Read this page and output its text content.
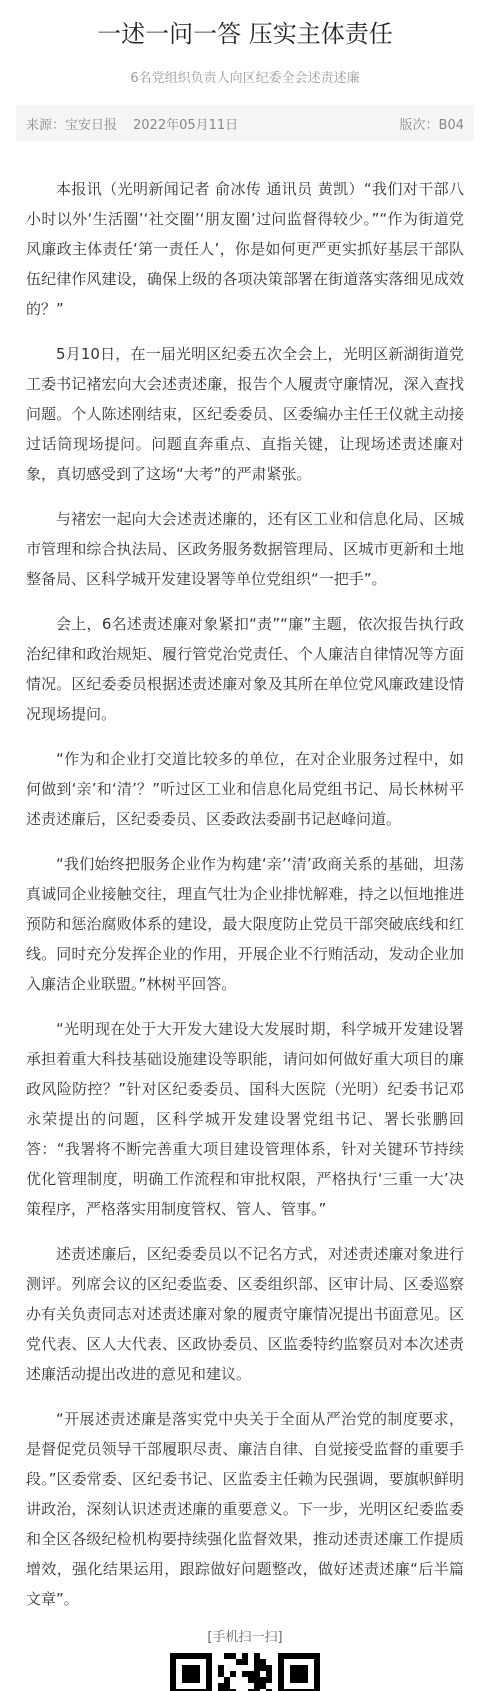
一述一问一答 压实主体责任
6名党组织负责人向区纪委全会述责述廉
来源：宝安日报 2022年05月11日	版次：B04

本报讯（光明新闻记者 俞冰传 通讯员 黄凯）“我们对干部八小时以外‘生活圈’‘社交圈’‘朋友圈’过问监督得较少。”“作为街道党风廉政主体责任‘第一责任人’，你是如何更严更实抓好基层干部队伍纪律作风建设，确保上级的各项决策部署在街道落实落细见成效的？”

5月10日，在一届光明区纪委五次全会上，光明区新湖街道党工委书记褚宏向大会述责述廉，报告个人履责守廉情况，深入查找问题。个人陈述刚结束，区纪委委员、区委编办主任王仪就主动接过话筒现场提问。问题直奔重点、直指关键，让现场述责述廉对象，真切感受到了这场“大考”的严肃紧张。

与褚宏一起向大会述责述廉的，还有区工业和信息化局、区城市管理和综合执法局、区政务服务数据管理局、区城市更新和土地整备局、区科学城开发建设署等单位党组织“一把手”。

会上，6名述责述廉对象紧扣“责”“廉”主题，依次报告执行政治纪律和政治规矩、履行管党治党责任、个人廉洁自律情况等方面情况。区纪委委员根据述责述廉对象及其所在单位党风廉政建设情况现场提问。

“作为和企业打交道比较多的单位，在对企业服务过程中，如何做到‘亲’和‘清’？”听过区工业和信息化局党组书记、局长林树平述责述廉后，区纪委委员、区委政法委副书记赵峰问道。

“我们始终把服务企业作为构建‘亲’‘清’政商关系的基础，坦荡真诚同企业接触交往，理直气壮为企业排忧解难，持之以恒地推进预防和惩治腐败体系的建设，最大限度防止党员干部突破底线和红线。同时充分发挥企业的作用，开展企业不行贿活动，发动企业加入廉洁企业联盟。”林树平回答。

“光明现在处于大开发大建设大发展时期，科学城开发建设署承担着重大科技基础设施建设等职能，请问如何做好重大项目的廉政风险防控？”针对区纪委委员、国科大医院（光明）纪委书记邓永荣提出的问题，区科学城开发建设署党组书记、署长张鹏回答：“我署将不断完善重大项目建设管理体系，针对关键环节持续优化管理制度，明确工作流程和审批权限，严格执行‘三重一大’决策程序，严格落实用制度管权、管人、管事。”

述责述廉后，区纪委委员以不记名方式，对述责述廉对象进行测评。列席会议的区纪委监委、区委组织部、区审计局、区委巡察办有关负责同志对述责述廉对象的履责守廉情况提出书面意见。区党代表、区人大代表、区政协委员、区监委特约监察员对本次述责述廉活动提出改进的意见和建议。

“开展述责述廉是落实党中央关于全面从严治党的制度要求，是督促党员领导干部履职尽责、廉洁自律、自觉接受监督的重要手段。”区委常委、区纪委书记、区监委主任赖为民强调，要旗帜鲜明讲政治，深刻认识述责述廉的重要意义。下一步，光明区纪委监委和全区各级纪检机构要持续强化监督效果，推动述责述廉工作提质增效，强化结果运用，跟踪做好问题整改，做好述责述廉“后半篇文章”。

[手机扫一扫]
